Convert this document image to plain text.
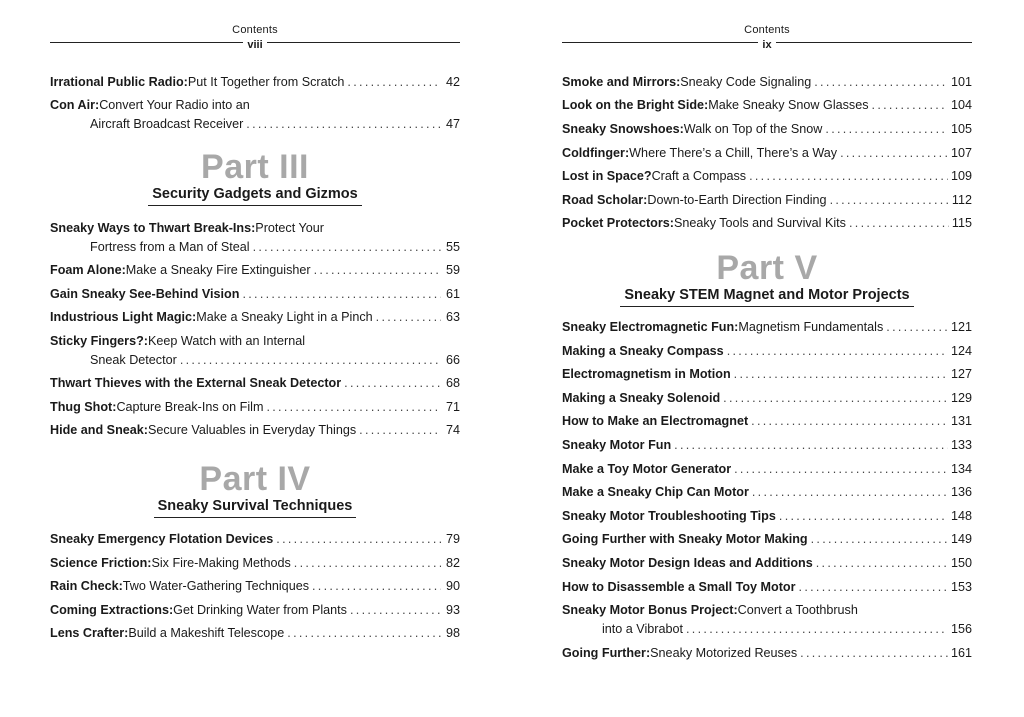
Contents
viii
Irrational Public Radio: Put It Together from Scratch .....	42
Con Air: Convert Your Radio into an
Aircraft Broadcast Receiver .....	47
Part III
Security Gadgets and Gizmos
Sneaky Ways to Thwart Break-Ins: Protect Your
Fortress from a Man of Steal .....	55
Foam Alone: Make a Sneaky Fire Extinguisher .....	59
Gain Sneaky See-Behind Vision .....	61
Industrious Light Magic: Make a Sneaky Light in a Pinch .....	63
Sticky Fingers?: Keep Watch with an Internal
Sneak Detector .....	66
Thwart Thieves with the External Sneak Detector .....	68
Thug Shot: Capture Break-Ins on Film .....	71
Hide and Sneak: Secure Valuables in Everyday Things .....	74
Part IV
Sneaky Survival Techniques
Sneaky Emergency Flotation Devices .....	79
Science Friction: Six Fire-Making Methods .....	82
Rain Check: Two Water-Gathering Techniques .....	90
Coming Extractions: Get Drinking Water from Plants .....	93
Lens Crafter: Build a Makeshift Telescope .....	98
Contents
ix
Smoke and Mirrors: Sneaky Code Signaling .....	101
Look on the Bright Side: Make Sneaky Snow Glasses .....	104
Sneaky Snowshoes: Walk on Top of the Snow .....	105
Coldfinger: Where There’s a Chill, There’s a Way .....	107
Lost in Space? Craft a Compass .....	109
Road Scholar: Down-to-Earth Direction Finding .....	112
Pocket Protectors: Sneaky Tools and Survival Kits .....	115
Part V
Sneaky STEM Magnet and Motor Projects
Sneaky Electromagnetic Fun: Magnetism Fundamentals .....	121
Making a Sneaky Compass .....	124
Electromagnetism in Motion .....	127
Making a Sneaky Solenoid .....	129
How to Make an Electromagnet .....	131
Sneaky Motor Fun .....	133
Make a Toy Motor Generator .....	134
Make a Sneaky Chip Can Motor .....	136
Sneaky Motor Troubleshooting Tips .....	148
Going Further with Sneaky Motor Making .....	149
Sneaky Motor Design Ideas and Additions .....	150
How to Disassemble a Small Toy Motor .....	153
Sneaky Motor Bonus Project: Convert a Toothbrush
into a Vibrabot .....	156
Going Further: Sneaky Motorized Reuses .....	161
